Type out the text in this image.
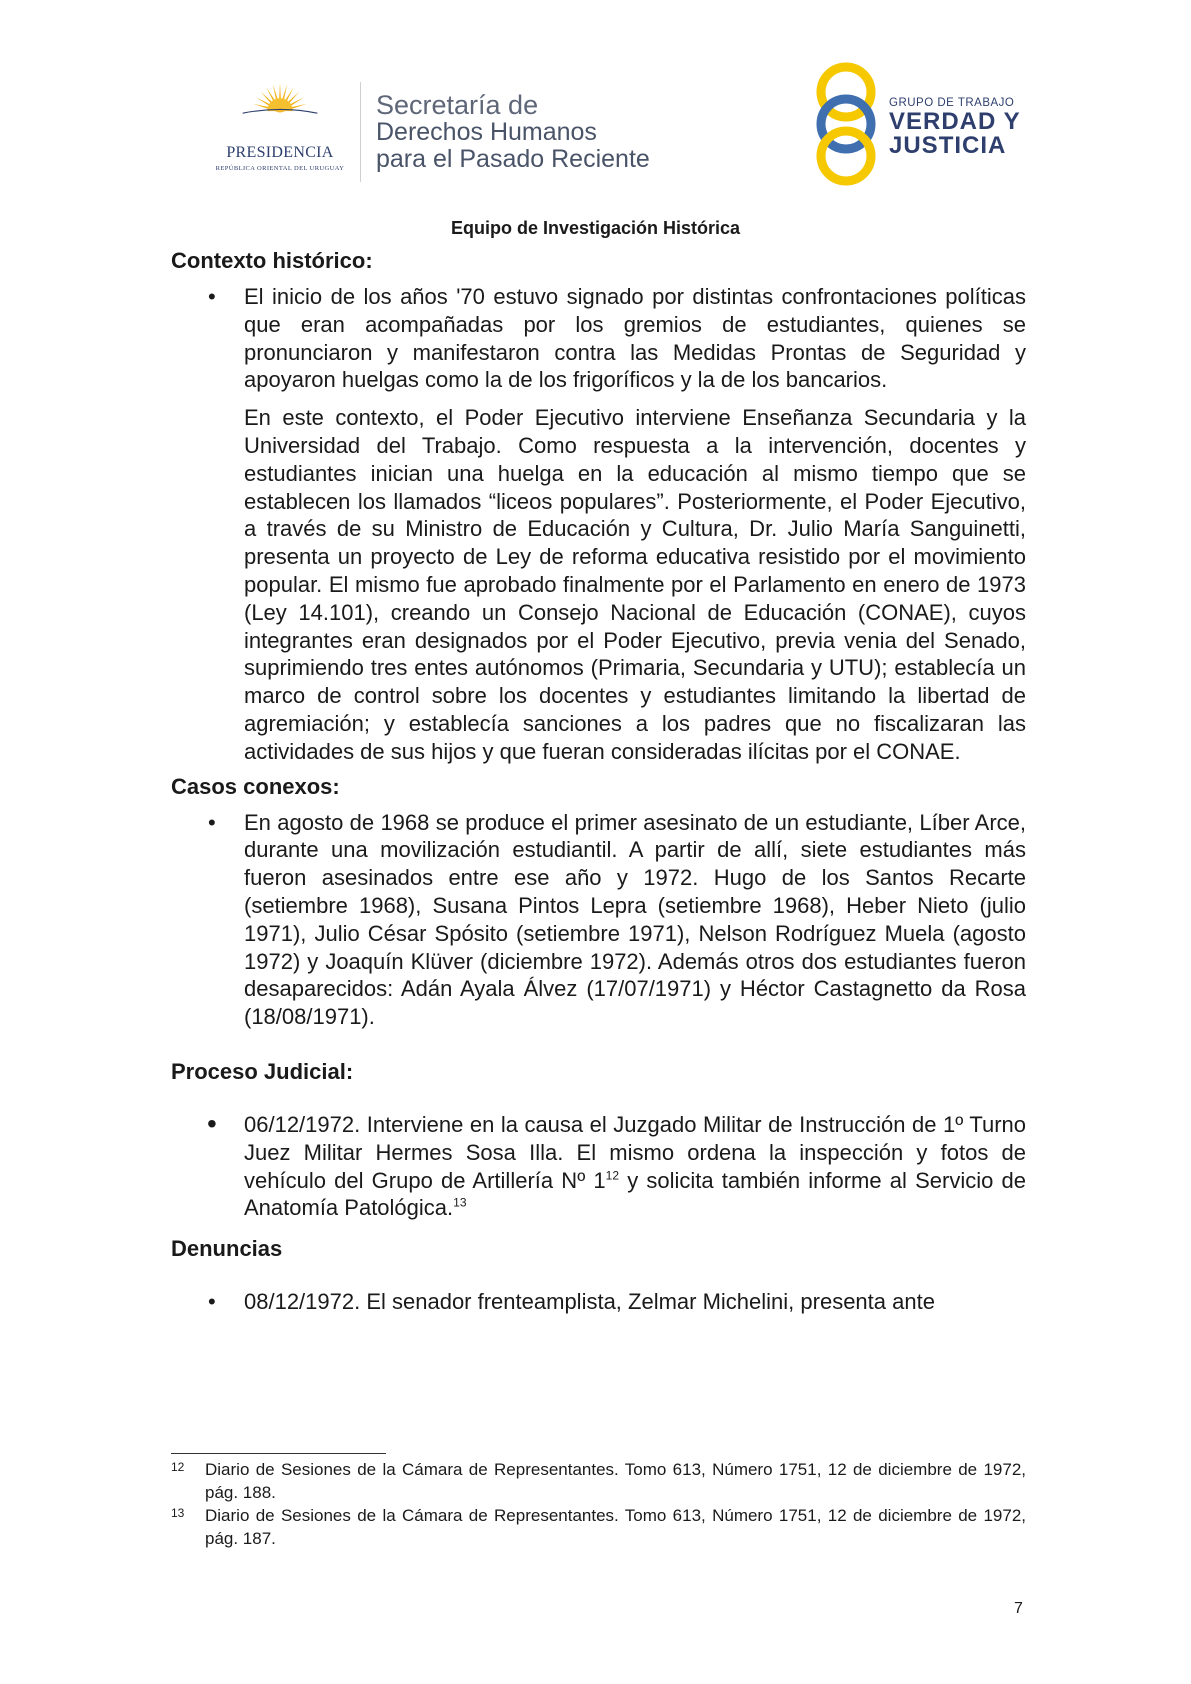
PRESIDENCIA
REPÚBLICA ORIENTAL DEL URUGUAY
Secretaría de
Derechos Humanos
para el Pasado Reciente
GRUPO DE TRABAJO
VERDAD Y
JUSTICIA
Equipo de Investigación Histórica
Contexto histórico:
• El inicio de los años '70 estuvo signado por distintas confrontaciones políticas que eran acompañadas por los gremios de estudiantes, quienes se pronunciaron y manifestaron contra las Medidas Prontas de Seguridad y apoyaron huelgas como la de los frigoríficos y la de los bancarios.
En este contexto, el Poder Ejecutivo interviene Enseñanza Secundaria y la Universidad del Trabajo. Como respuesta a la intervención, docentes y estudiantes inician una huelga en la educación al mismo tiempo que se establecen los llamados “liceos populares”. Posteriormente, el Poder Ejecutivo, a través de su Ministro de Educación y Cultura, Dr. Julio María Sanguinetti, presenta un proyecto de Ley de reforma educativa resistido por el movimiento popular. El mismo fue aprobado finalmente por el Parlamento en enero de 1973 (Ley 14.101), creando un Consejo Nacional de Educación (CONAE), cuyos integrantes eran designados por el Poder Ejecutivo, previa venia del Senado, suprimiendo tres entes autónomos (Primaria, Secundaria y UTU); establecía un marco de control sobre los docentes y estudiantes limitando la libertad de agremiación; y establecía sanciones a los padres que no fiscalizaran las actividades de sus hijos y que fueran consideradas ilícitas por el CONAE.
Casos conexos:
• En agosto de 1968 se produce el primer asesinato de un estudiante, Líber Arce, durante una movilización estudiantil. A partir de allí, siete estudiantes más fueron asesinados entre ese año y 1972. Hugo de los Santos Recarte (setiembre 1968), Susana Pintos Lepra (setiembre 1968), Heber Nieto (julio 1971), Julio César Spósito (setiembre 1971), Nelson Rodríguez Muela (agosto 1972) y Joaquín Klüver (diciembre 1972). Además otros dos estudiantes fueron desaparecidos: Adán Ayala Álvez (17/07/1971) y Héctor Castagnetto da Rosa (18/08/1971).
Proceso Judicial:
• 06/12/1972. Interviene en la causa el Juzgado Militar de Instrucción de 1º Turno Juez Militar Hermes Sosa Illa. El mismo ordena la inspección y fotos de vehículo del Grupo de Artillería Nº $1^{12}$ y solicita también informe al Servicio de Anatomía Patológica.$^{13}$
Denuncias
• 08/12/1972. El senador frenteamplista, Zelmar Michelini, presenta ante
12 Diario de Sesiones de la Cámara de Representantes. Tomo 613, Número 1751, 12 de diciembre de 1972, pág. 188.
13 Diario de Sesiones de la Cámara de Representantes. Tomo 613, Número 1751, 12 de diciembre de 1972, pág. 187.
7
